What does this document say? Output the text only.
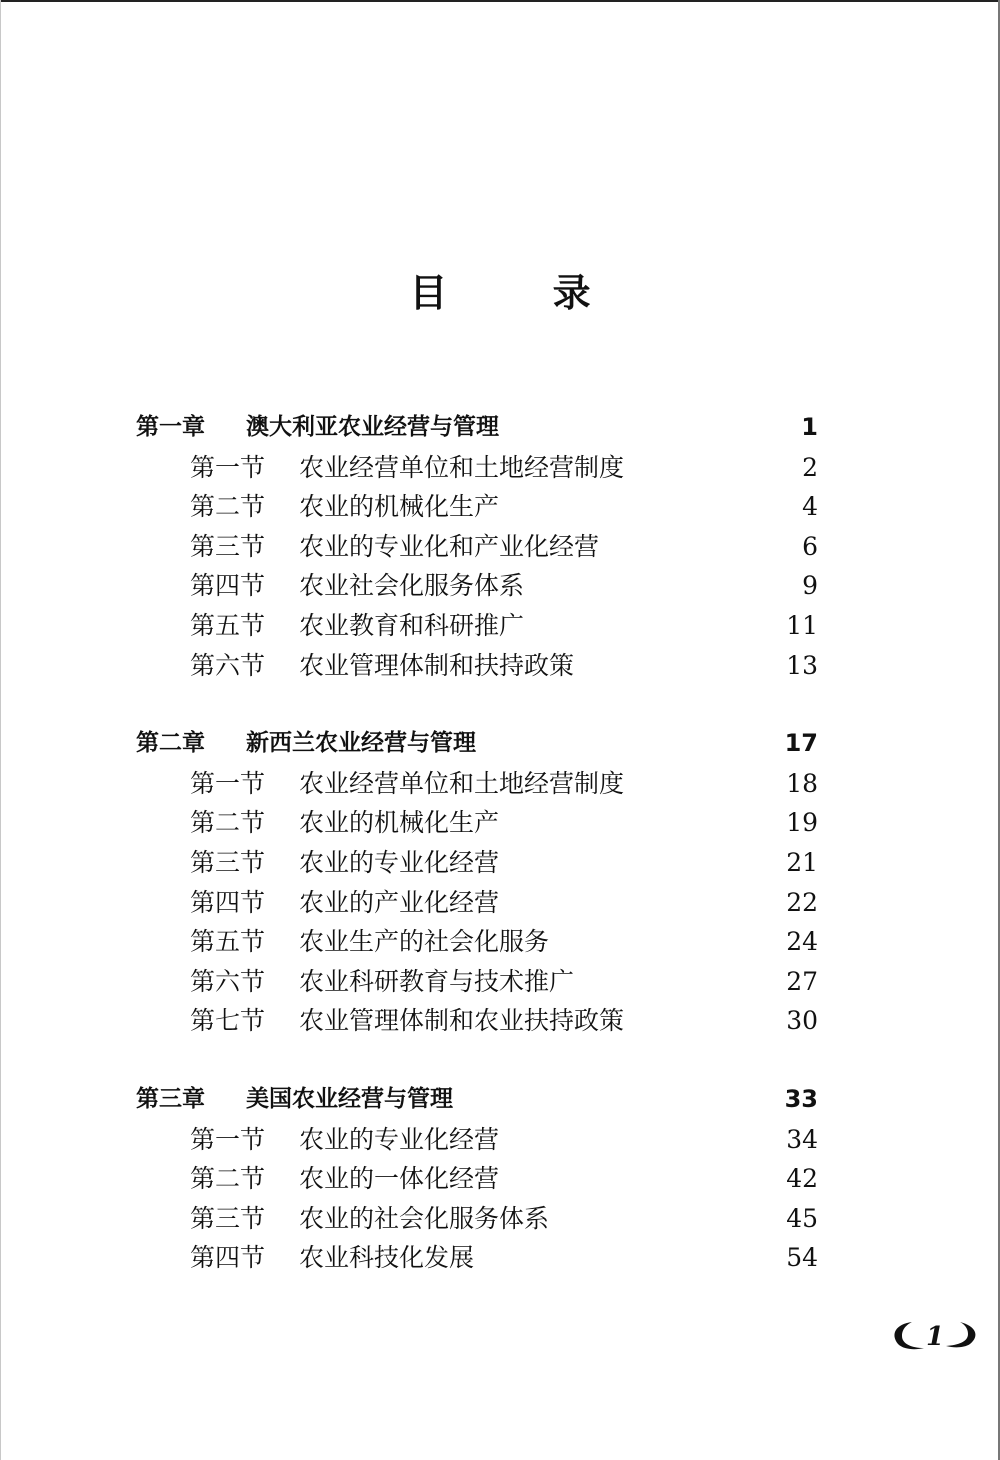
目 录
第一章 澳大利亚农业经营与管理	1
第一节 农业经营单位和土地经营制度	2
第二节 农业的机械化生产	4
第三节 农业的专业化和产业化经营	6
第四节 农业社会化服务体系	9
第五节 农业教育和科研推广	11
第六节 农业管理体制和扶持政策	13
第二章 新西兰农业经营与管理	17
第一节 农业经营单位和土地经营制度	18
第二节 农业的机械化生产	19
第三节 农业的专业化经营	21
第四节 农业的产业化经营	22
第五节 农业生产的社会化服务	24
第六节 农业科研教育与技术推广	27
第七节 农业管理体制和农业扶持政策	30
第三章 美国农业经营与管理	33
第一节 农业的专业化经营	34
第二节 农业的一体化经营	42
第三节 农业的社会化服务体系	45
第四节 农业科技化发展	54
1
